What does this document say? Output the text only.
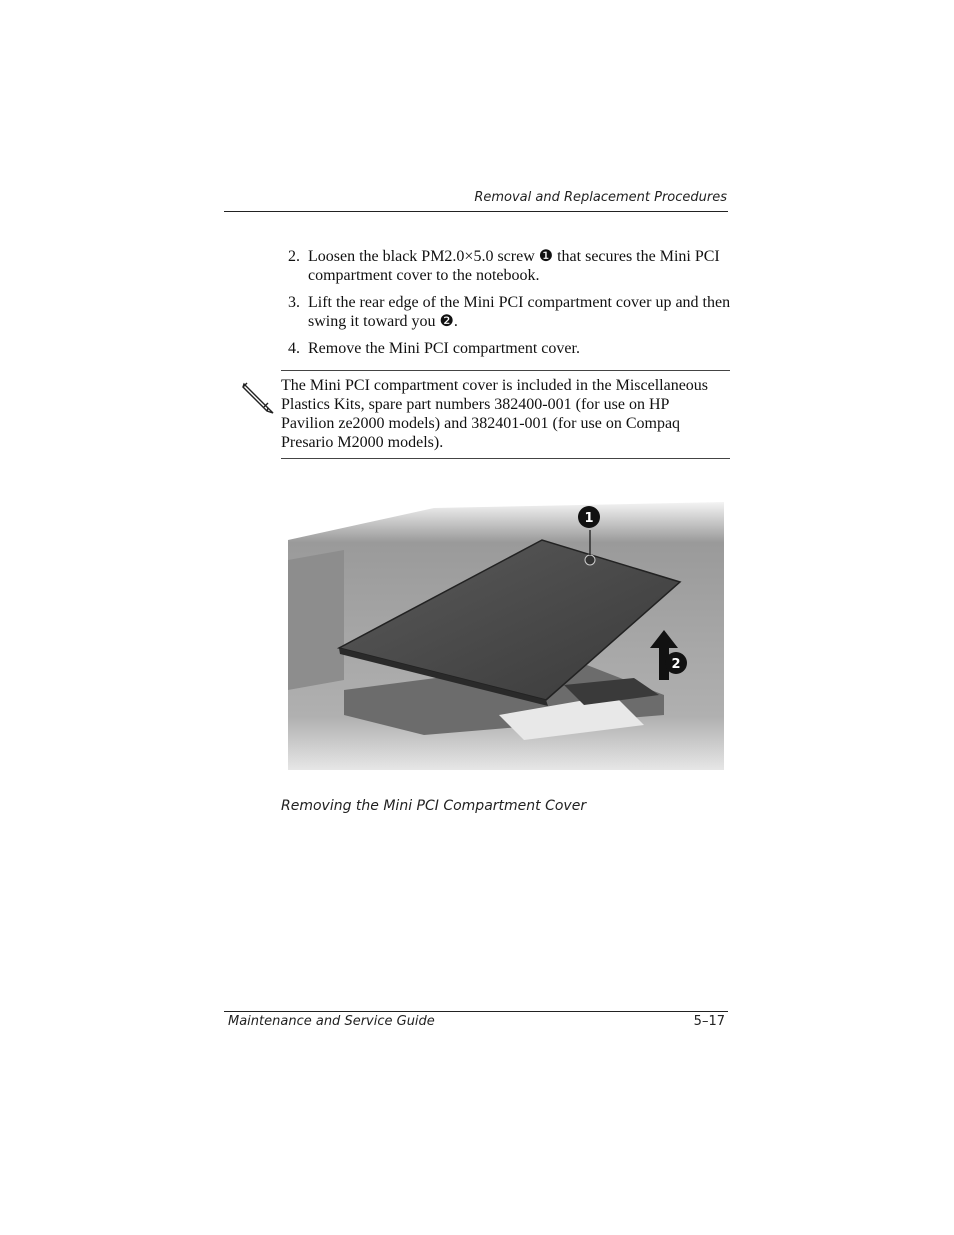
Removal and Replacement Procedures
2. Loosen the black PM2.0×5.0 screw ❶ that secures the Mini PCI compartment cover to the notebook.
3. Lift the rear edge of the Mini PCI compartment cover up and then swing it toward you ❷.
4. Remove the Mini PCI compartment cover.
The Mini PCI compartment cover is included in the Miscellaneous Plastics Kits, spare part numbers 382400-001 (for use on HP Pavilion ze2000 models) and 382401-001 (for use on Compaq Presario M2000 models).
1
2
Removing the Mini PCI Compartment Cover
Maintenance and Service Guide	5–17
